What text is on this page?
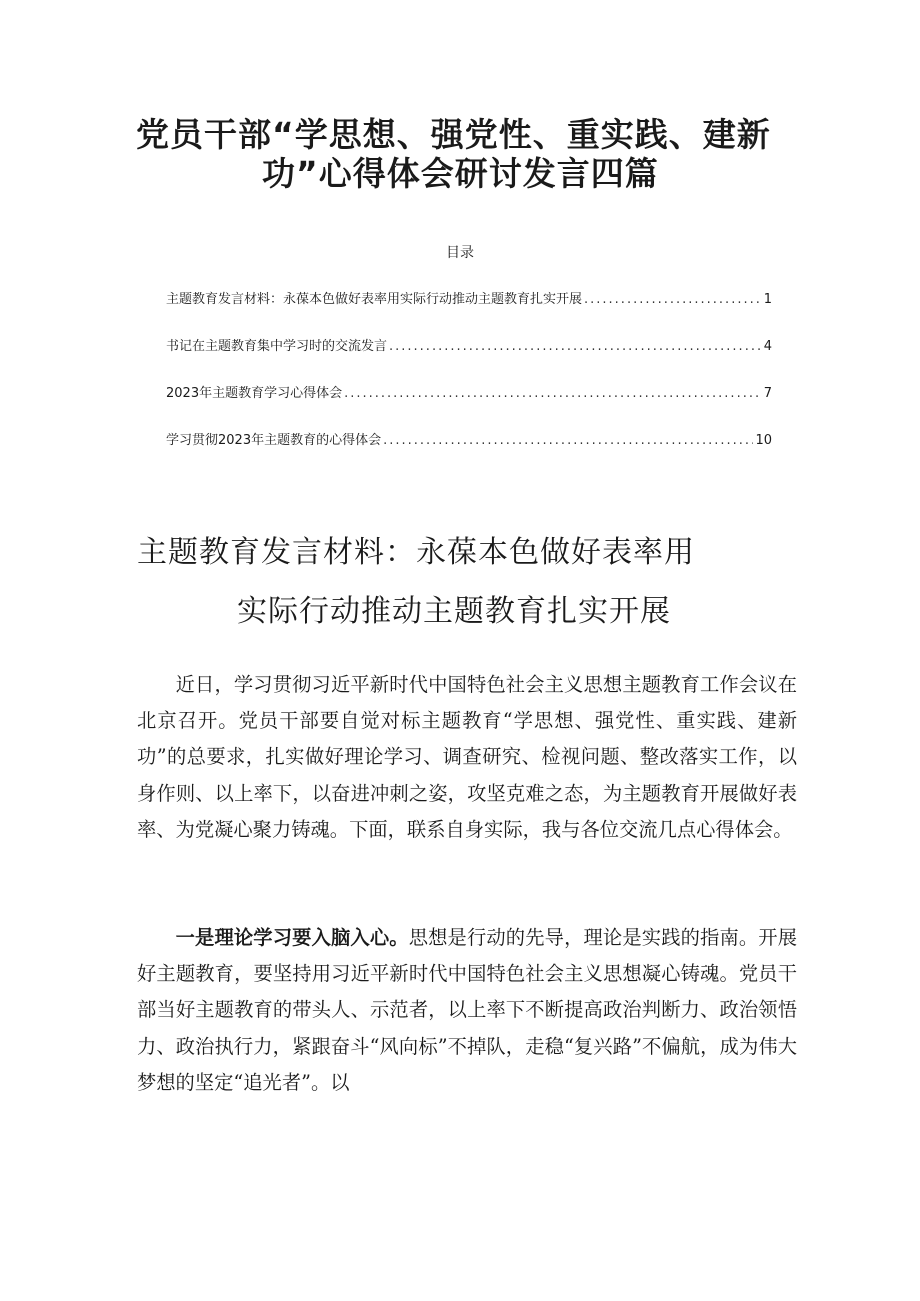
党员干部“学思想、强党性、重实践、建新
功”心得体会研讨发言四篇
目录
主题教育发言材料：永葆本色做好表率用实际行动推动主题教育扎实开展 .....	1
书记在主题教育集中学习时的交流发言 .....	4
2023年主题教育学习心得体会 .....	7
学习贯彻2023年主题教育的心得体会 .....	10
主题教育发言材料：永葆本色做好表率用
实际行动推动主题教育扎实开展

近日，学习贯彻习近平新时代中国特色社会主义思想主题教育工作会议在北京召开。党员干部要自觉对标主题教育“学思想、强党性、重实践、建新功”的总要求，扎实做好理论学习、调查研究、检视问题、整改落实工作，以身作则、以上率下，以奋进冲刺之姿，攻坚克难之态，为主题教育开展做好表率、为党凝心聚力铸魂。下面，联系自身实际，我与各位交流几点心得体会。

一是理论学习要入脑入心。思想是行动的先导，理论是实践的指南。开展好主题教育，要坚持用习近平新时代中国特色社会主义思想凝心铸魂。党员干部当好主题教育的带头人、示范者，以上率下不断提高政治判断力、政治领悟力、政治执行力，紧跟奋斗“风向标”不掉队，走稳“复兴路”不偏航，成为伟大梦想的坚定“追光者”。以
